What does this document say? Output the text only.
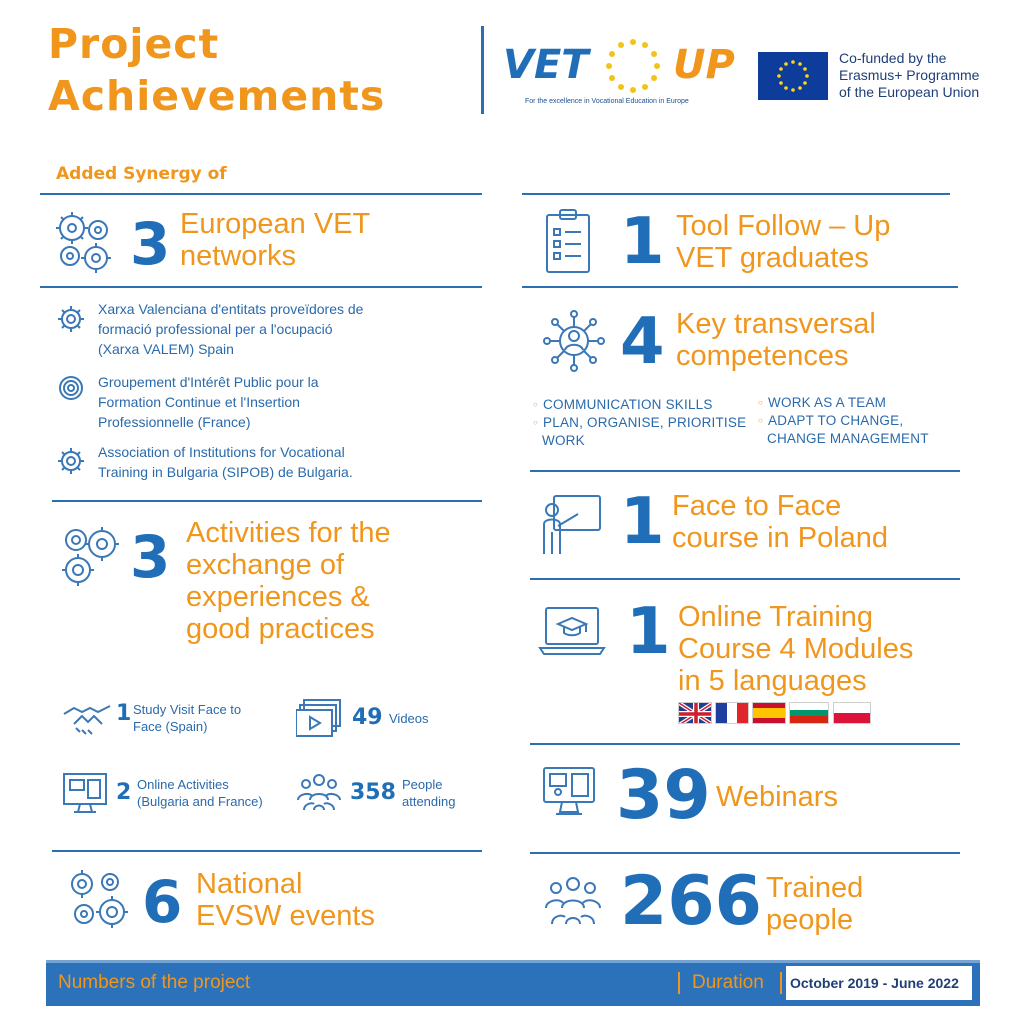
Project
Achievements
VET UP
For the excellence in Vocational Education in Europe
Co-funded by the
Erasmus+ Programme
of the European Union
Added Synergy of
3 European VET
networks
Xarxa Valenciana d'entitats proveïdores de
formació professional per a l'ocupació
(Xarxa VALEM) Spain
Groupement d'Intérêt Public pour la
Formation Continue et l'Insertion
Professionnelle (France)
Association of Institutions for Vocational
Training in Bulgaria (SIPOB) de Bulgaria.
3 Activities for the
exchange of
experiences &
good practices
1 Study Visit Face to
Face (Spain)	49 Videos
2 Online Activities
(Bulgaria and France)	358 People
attending
6 National
EVSW events
1 Tool Follow – Up
VET graduates
4 Key transversal
competences
○ COMMUNICATION SKILLS
○ PLAN, ORGANISE, PRIORITISE
WORK
○ WORK AS A TEAM
○ ADAPT TO CHANGE,
CHANGE MANAGEMENT
1 Face to Face
course in Poland
1 Online Training
Course 4 Modules
in 5 languages
39 Webinars
266 Trained
people
Numbers of the project	Duration October 2019 - June 2022
